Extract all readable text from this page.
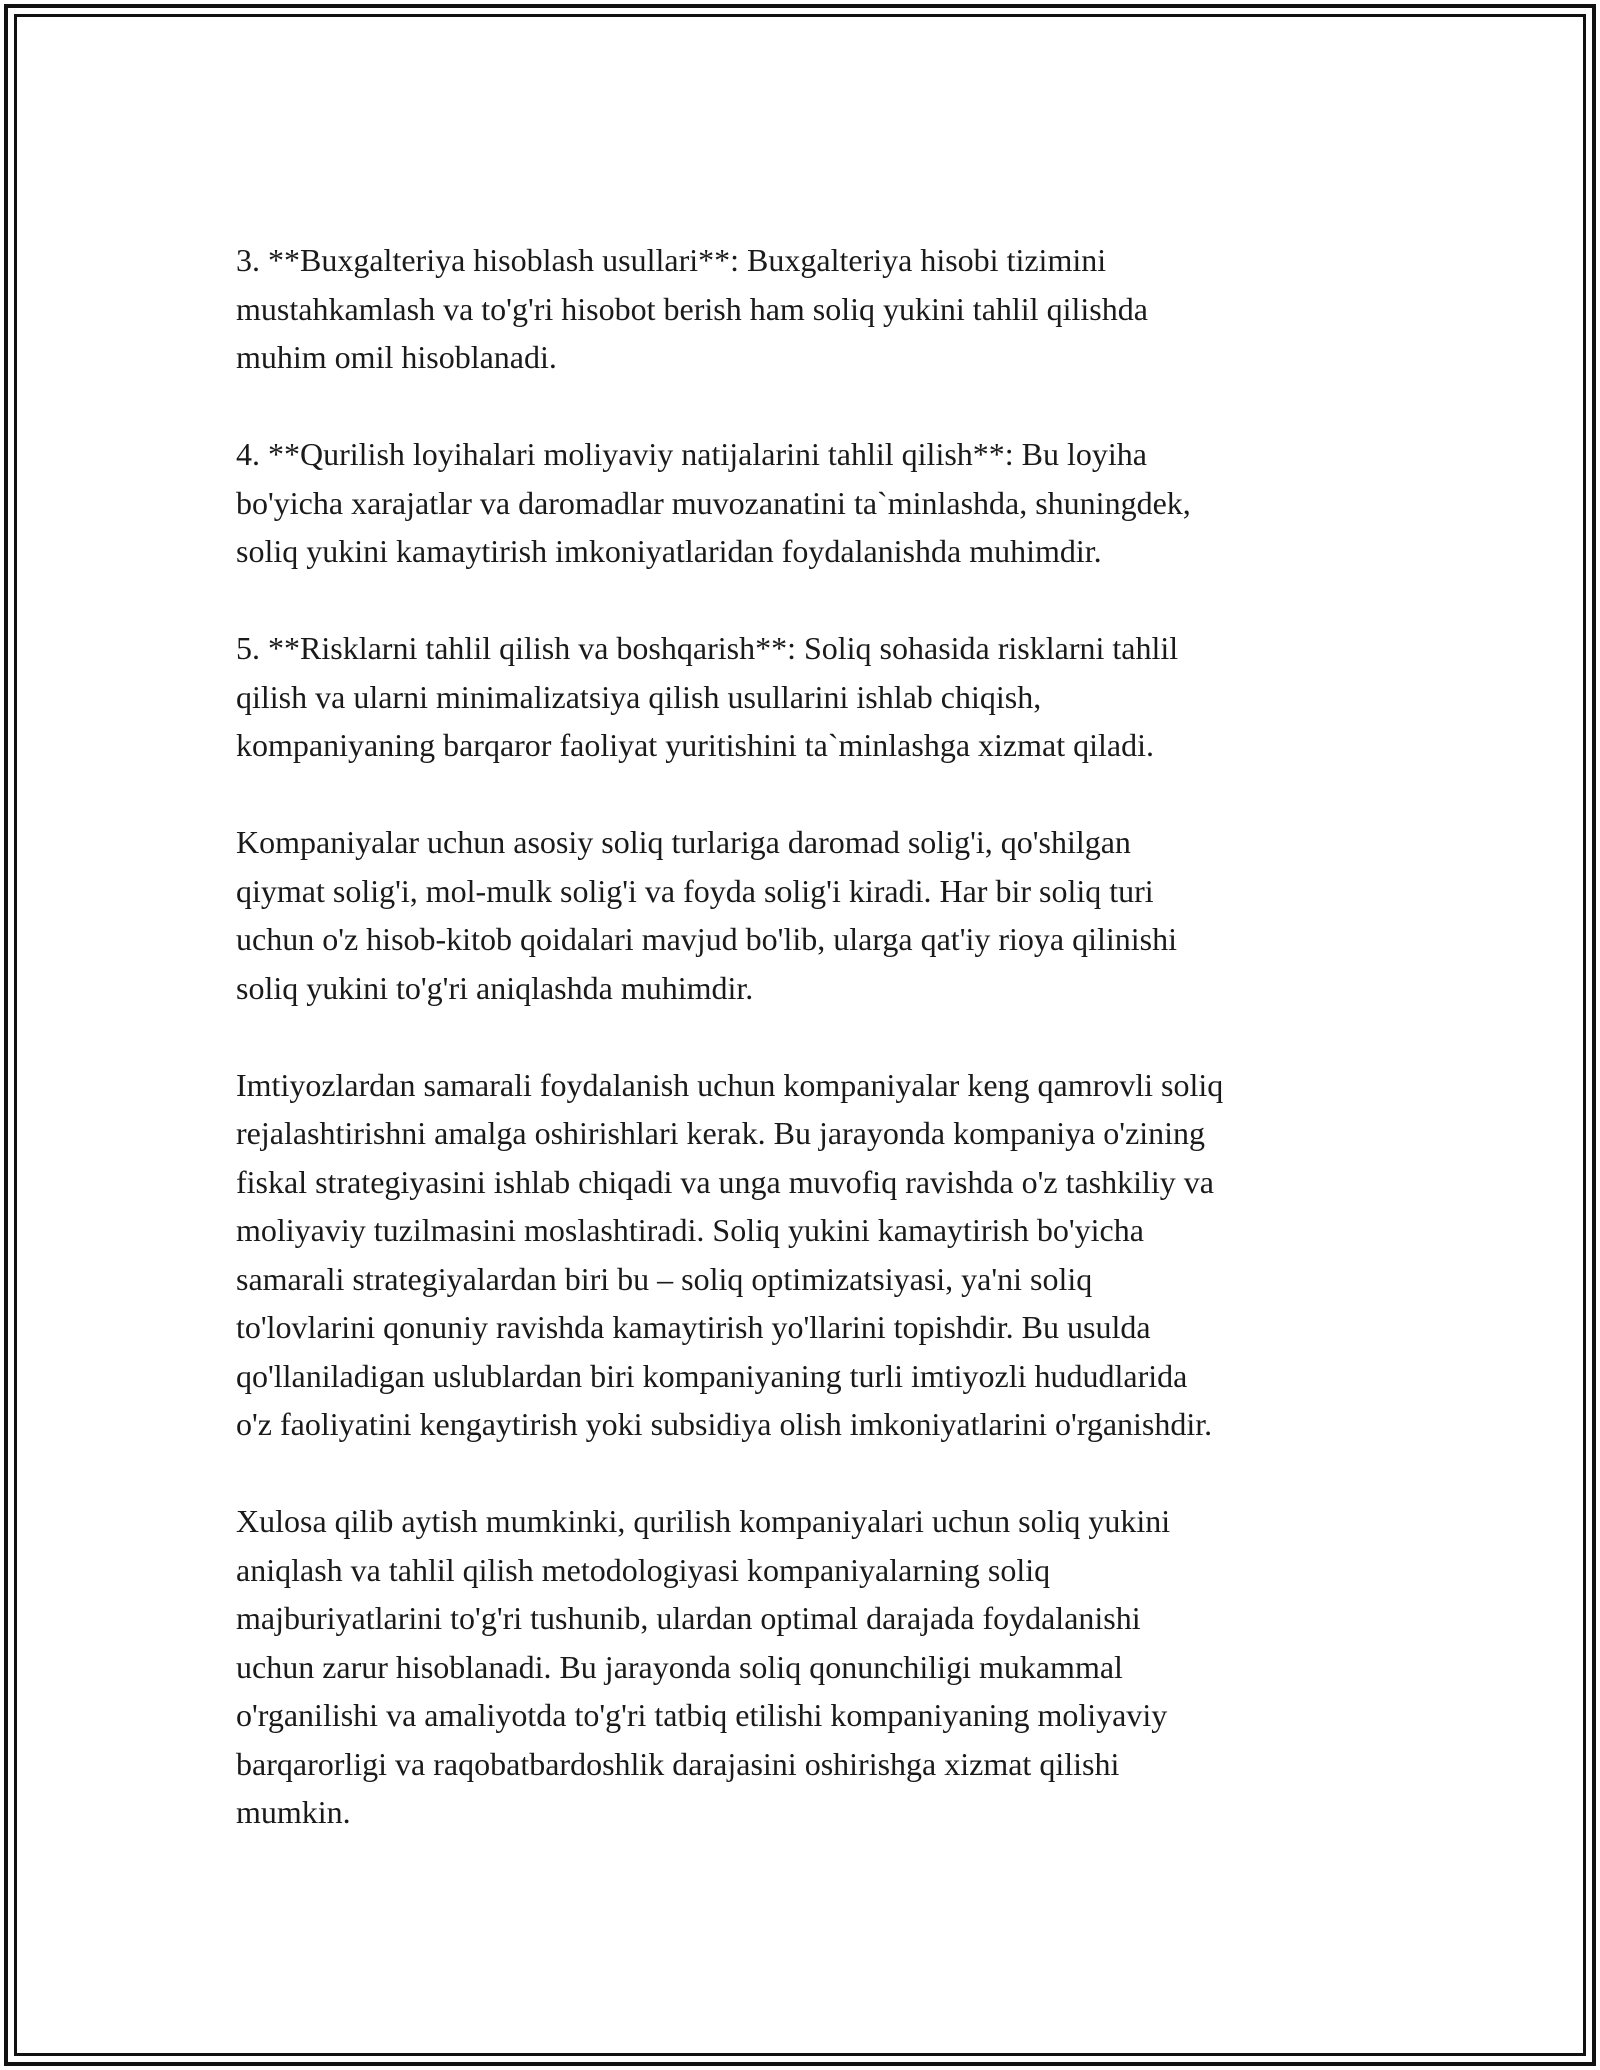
3. **Buxgalteriya hisoblash usullari**: Buxgalteriya hisobi tizimini
mustahkamlash va to'g'ri hisobot berish ham soliq yukini tahlil qilishda
muhim omil hisoblanadi.

4. **Qurilish loyihalari moliyaviy natijalarini tahlil qilish**: Bu loyiha
bo'yicha xarajatlar va daromadlar muvozanatini ta`minlashda, shuningdek,
soliq yukini kamaytirish imkoniyatlaridan foydalanishda muhimdir.

5. **Risklarni tahlil qilish va boshqarish**: Soliq sohasida risklarni tahlil
qilish va ularni minimalizatsiya qilish usullarini ishlab chiqish,
kompaniyaning barqaror faoliyat yuritishini ta`minlashga xizmat qiladi.

Kompaniyalar uchun asosiy soliq turlariga daromad solig'i, qo'shilgan
qiymat solig'i, mol-mulk solig'i va foyda solig'i kiradi. Har bir soliq turi
uchun o'z hisob-kitob qoidalari mavjud bo'lib, ularga qat'iy rioya qilinishi
soliq yukini to'g'ri aniqlashda muhimdir.

Imtiyozlardan samarali foydalanish uchun kompaniyalar keng qamrovli soliq
rejalashtirishni amalga oshirishlari kerak. Bu jarayonda kompaniya o'zining
fiskal strategiyasini ishlab chiqadi va unga muvofiq ravishda o'z tashkiliy va
moliyaviy tuzilmasini moslashtiradi. Soliq yukini kamaytirish bo'yicha
samarali strategiyalardan biri bu – soliq optimizatsiyasi, ya'ni soliq
to'lovlarini qonuniy ravishda kamaytirish yo'llarini topishdir. Bu usulda
qo'llaniladigan uslublardan biri kompaniyaning turli imtiyozli hududlarida
o'z faoliyatini kengaytirish yoki subsidiya olish imkoniyatlarini o'rganishdir.

Xulosa qilib aytish mumkinki, qurilish kompaniyalari uchun soliq yukini
aniqlash va tahlil qilish metodologiyasi kompaniyalarning soliq
majburiyatlarini to'g'ri tushunib, ulardan optimal darajada foydalanishi
uchun zarur hisoblanadi. Bu jarayonda soliq qonunchiligi mukammal
o'rganilishi va amaliyotda to'g'ri tatbiq etilishi kompaniyaning moliyaviy
barqarorligi va raqobatbardoshlik darajasini oshirishga xizmat qilishi
mumkin.
